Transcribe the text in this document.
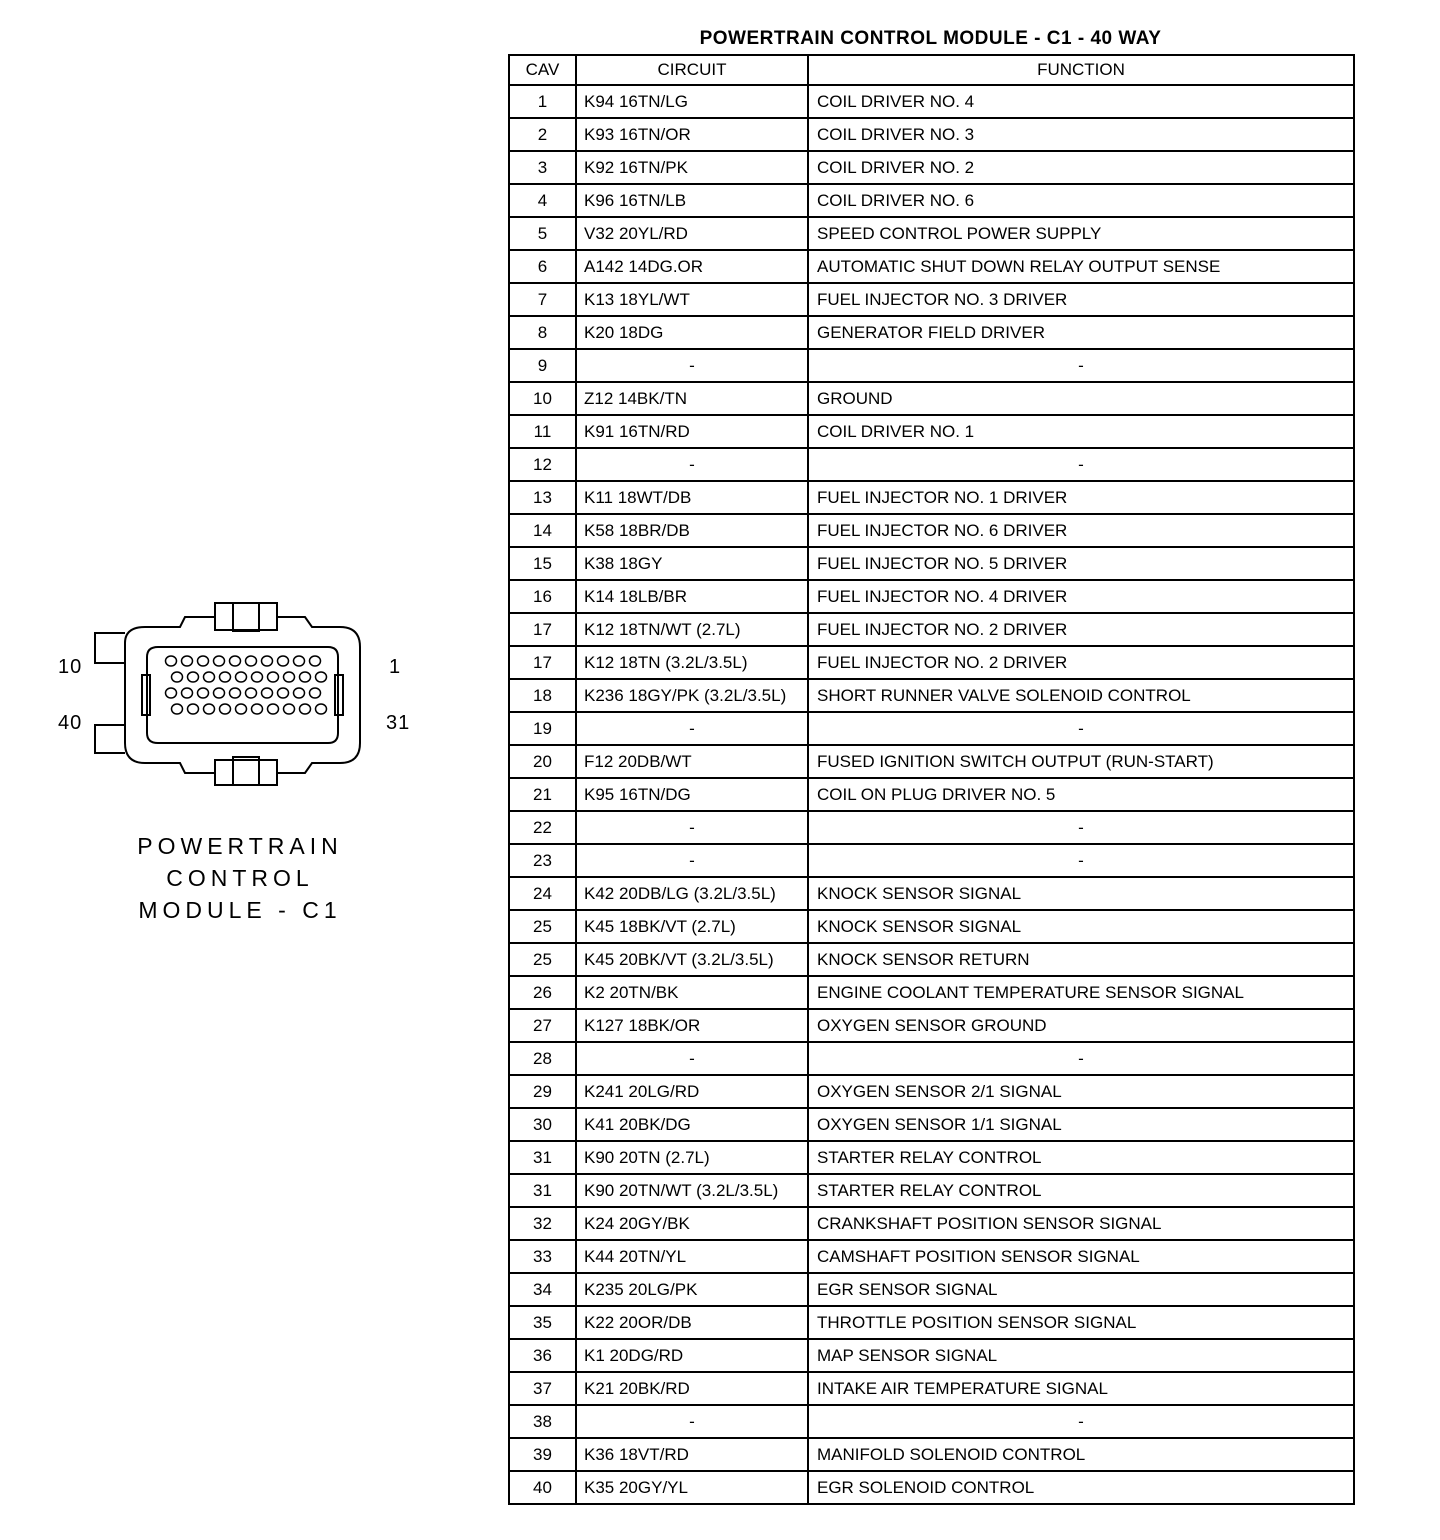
10	1
40	31
POWERTRAIN
CONTROL
MODULE - C1
POWERTRAIN CONTROL MODULE - C1 - 40 WAY
CAV	CIRCUIT	FUNCTION
1	K94 16TN/LG	COIL DRIVER NO. 4
2	K93 16TN/OR	COIL DRIVER NO. 3
3	K92 16TN/PK	COIL DRIVER NO. 2
4	K96 16TN/LB	COIL DRIVER NO. 6
5	V32 20YL/RD	SPEED CONTROL POWER SUPPLY
6	A142 14DG.OR	AUTOMATIC SHUT DOWN RELAY OUTPUT SENSE
7	K13 18YL/WT	FUEL INJECTOR NO. 3 DRIVER
8	K20 18DG	GENERATOR FIELD DRIVER
9	-	-
10	Z12 14BK/TN	GROUND
11	K91 16TN/RD	COIL DRIVER NO. 1
12	-	-
13	K11 18WT/DB	FUEL INJECTOR NO. 1 DRIVER
14	K58 18BR/DB	FUEL INJECTOR NO. 6 DRIVER
15	K38 18GY	FUEL INJECTOR NO. 5 DRIVER
16	K14 18LB/BR	FUEL INJECTOR NO. 4 DRIVER
17	K12 18TN/WT (2.7L)	FUEL INJECTOR NO. 2 DRIVER
17	K12 18TN (3.2L/3.5L)	FUEL INJECTOR NO. 2 DRIVER
18	K236 18GY/PK (3.2L/3.5L)	SHORT RUNNER VALVE SOLENOID CONTROL
19	-	-
20	F12 20DB/WT	FUSED IGNITION SWITCH OUTPUT (RUN-START)
21	K95 16TN/DG	COIL ON PLUG DRIVER NO. 5
22	-	-
23	-	-
24	K42 20DB/LG (3.2L/3.5L)	KNOCK SENSOR SIGNAL
25	K45 18BK/VT (2.7L)	KNOCK SENSOR SIGNAL
25	K45 20BK/VT (3.2L/3.5L)	KNOCK SENSOR RETURN
26	K2 20TN/BK	ENGINE COOLANT TEMPERATURE SENSOR SIGNAL
27	K127 18BK/OR	OXYGEN SENSOR GROUND
28	-	-
29	K241 20LG/RD	OXYGEN SENSOR 2/1 SIGNAL
30	K41 20BK/DG	OXYGEN SENSOR 1/1 SIGNAL
31	K90 20TN (2.7L)	STARTER RELAY CONTROL
31	K90 20TN/WT (3.2L/3.5L)	STARTER RELAY CONTROL
32	K24 20GY/BK	CRANKSHAFT POSITION SENSOR SIGNAL
33	K44 20TN/YL	CAMSHAFT POSITION SENSOR SIGNAL
34	K235 20LG/PK	EGR SENSOR SIGNAL
35	K22 20OR/DB	THROTTLE POSITION SENSOR SIGNAL
36	K1 20DG/RD	MAP SENSOR SIGNAL
37	K21 20BK/RD	INTAKE AIR TEMPERATURE SIGNAL
38	-	-
39	K36 18VT/RD	MANIFOLD SOLENOID CONTROL
40	K35 20GY/YL	EGR SOLENOID CONTROL
